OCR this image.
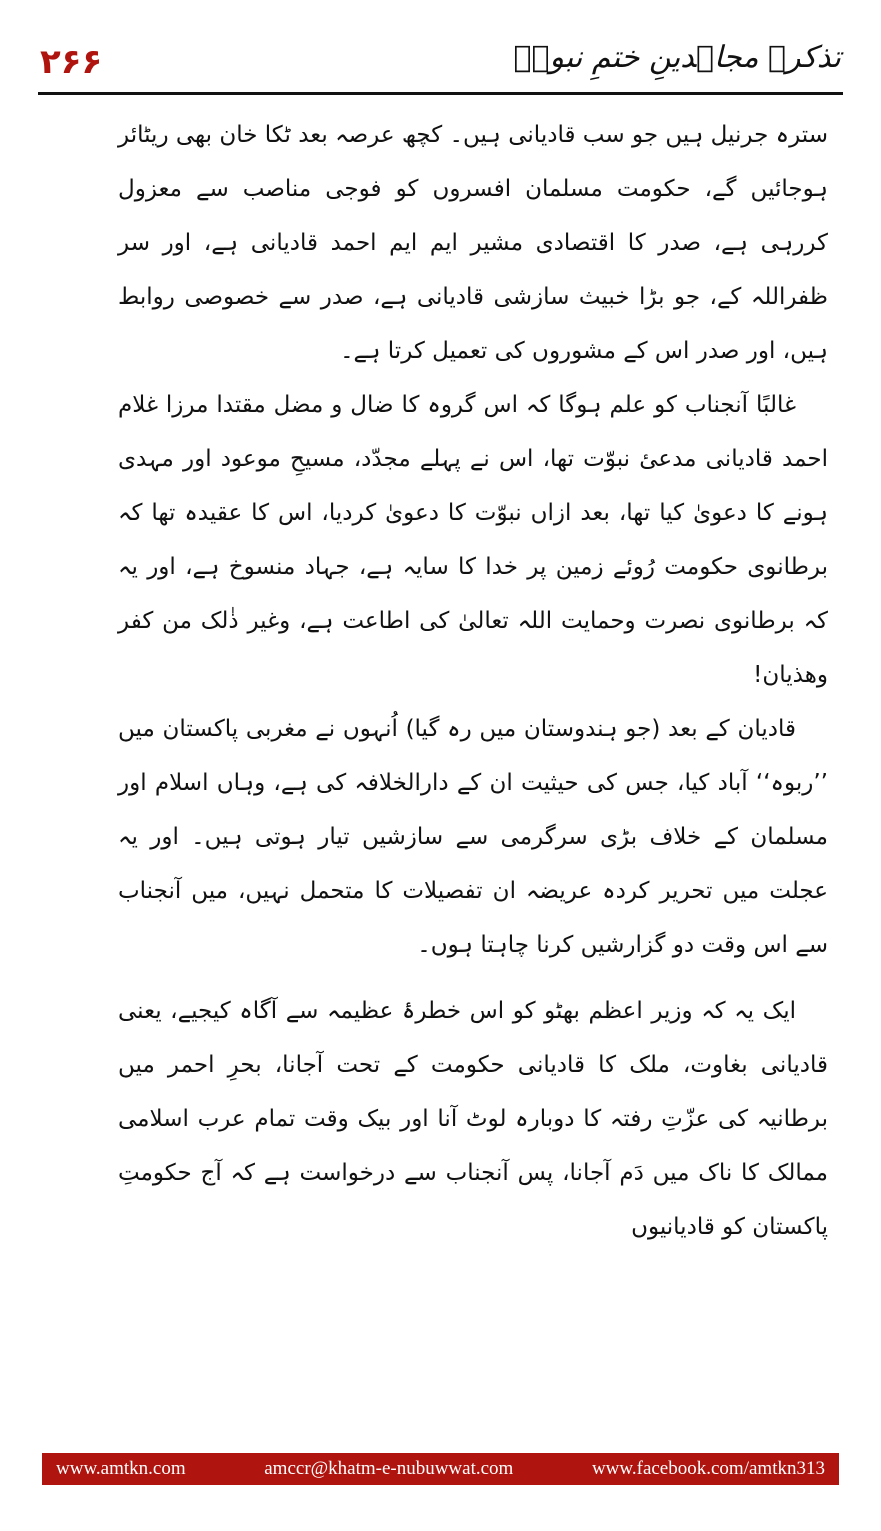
۲۶۶	تذکرہ مجاہدینِ ختمِ نبوتؐ

سترہ جرنیل ہیں جو سب قادیانی ہیں۔ کچھ عرصہ بعد ٹکا خان بھی ریٹائر ہوجائیں گے، حکومت مسلمان افسروں کو فوجی مناصب سے معزول کررہی ہے، صدر کا اقتصادی مشیر ایم ایم احمد قادیانی ہے، اور سر ظفراللہ کے، جو بڑا خبیث سازشی قادیانی ہے، صدر سے خصوصی روابط ہیں، اور صدر اس کے مشوروں کی تعمیل کرتا ہے۔

غالبًا آنجناب کو علم ہوگا کہ اس گروہ کا ضال و مضل مقتدا مرزا غلام احمد قادیانی مدعیٔ نبوّت تھا، اس نے پہلے مجدّد، مسیحِ موعود اور مہدی ہونے کا دعویٰ کیا تھا، بعد ازاں نبوّت کا دعویٰ کردیا، اس کا عقیدہ تھا کہ برطانوی حکومت رُوئے زمین پر خدا کا سایہ ہے، جہاد منسوخ ہے، اور یہ کہ برطانوی نصرت وحمایت اللہ تعالیٰ کی اطاعت ہے، وغیر ذٰلک من کفر وھذیان!

قادیان کے بعد (جو ہندوستان میں رہ گیا) اُنہوں نے مغربی پاکستان میں ’’ربوہ‘‘ آباد کیا، جس کی حیثیت ان کے دارالخلافہ کی ہے، وہاں اسلام اور مسلمان کے خلاف بڑی سرگرمی سے سازشیں تیار ہوتی ہیں۔ اور یہ عجلت میں تحریر کردہ عریضہ ان تفصیلات کا متحمل نہیں، میں آنجناب سے اس وقت دو گزارشیں کرنا چاہتا ہوں۔

ایک یہ کہ وزیر اعظم بھٹو کو اس خطرۂ عظیمہ سے آگاہ کیجیے، یعنی قادیانی بغاوت، ملک کا قادیانی حکومت کے تحت آجانا، بحرِ احمر میں برطانیہ کی عزّتِ رفتہ کا دوبارہ لوٹ آنا اور بیک وقت تمام عرب اسلامی ممالک کا ناک میں دَم آجانا، پس آنجناب سے درخواست ہے کہ آج حکومتِ پاکستان کو قادیانیوں

www.amtkn.com	amccr@khatm-e-nubuwwat.com	www.facebook.com/amtkn313
